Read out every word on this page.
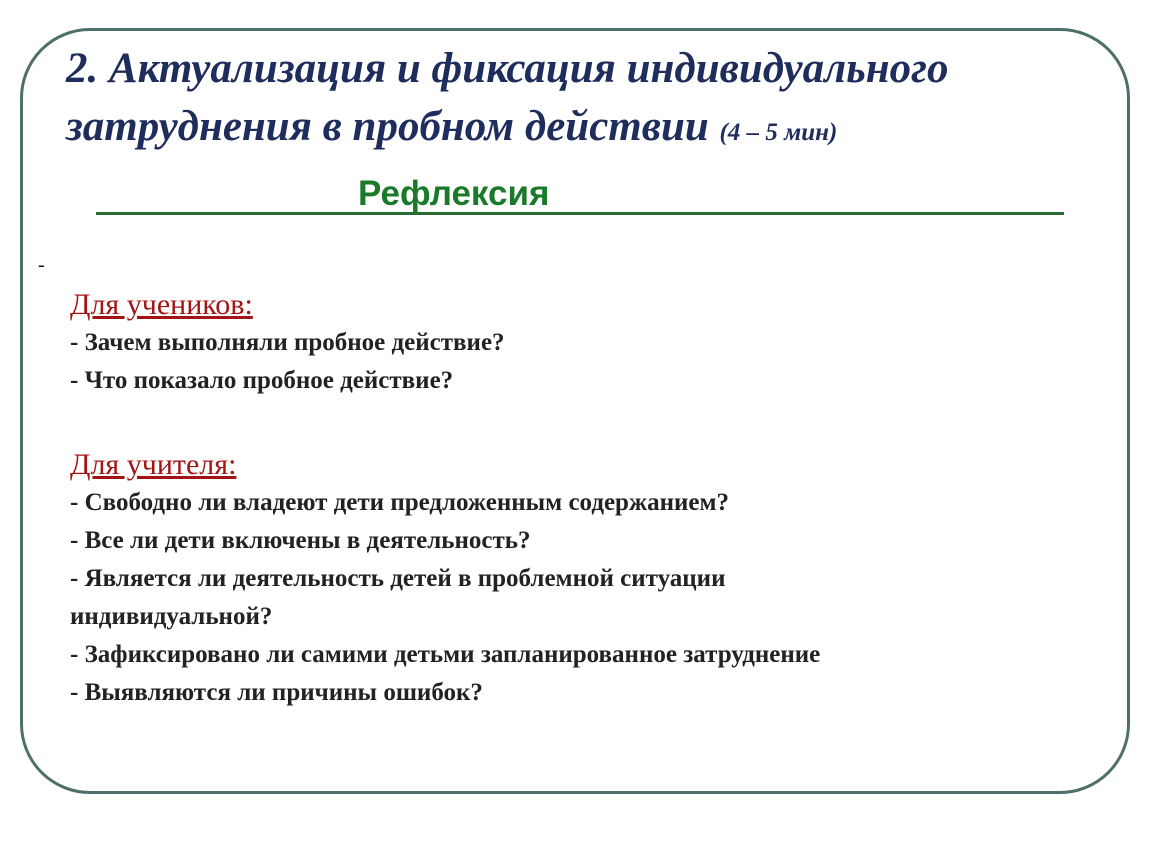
2. Актуализация и фиксация индивидуального
затруднения в пробном действии (4 – 5 мин)
Рефлексия
-
Для учеников:
- Зачем выполняли пробное действие?
- Что показало пробное действие?
Для учителя:
- Свободно ли владеют дети предложенным содержанием?
- Все ли дети включены в деятельность?
- Является ли деятельность детей в проблемной ситуации
индивидуальной?
- Зафиксировано ли самими детьми запланированное затруднение
- Выявляются ли причины ошибок?
